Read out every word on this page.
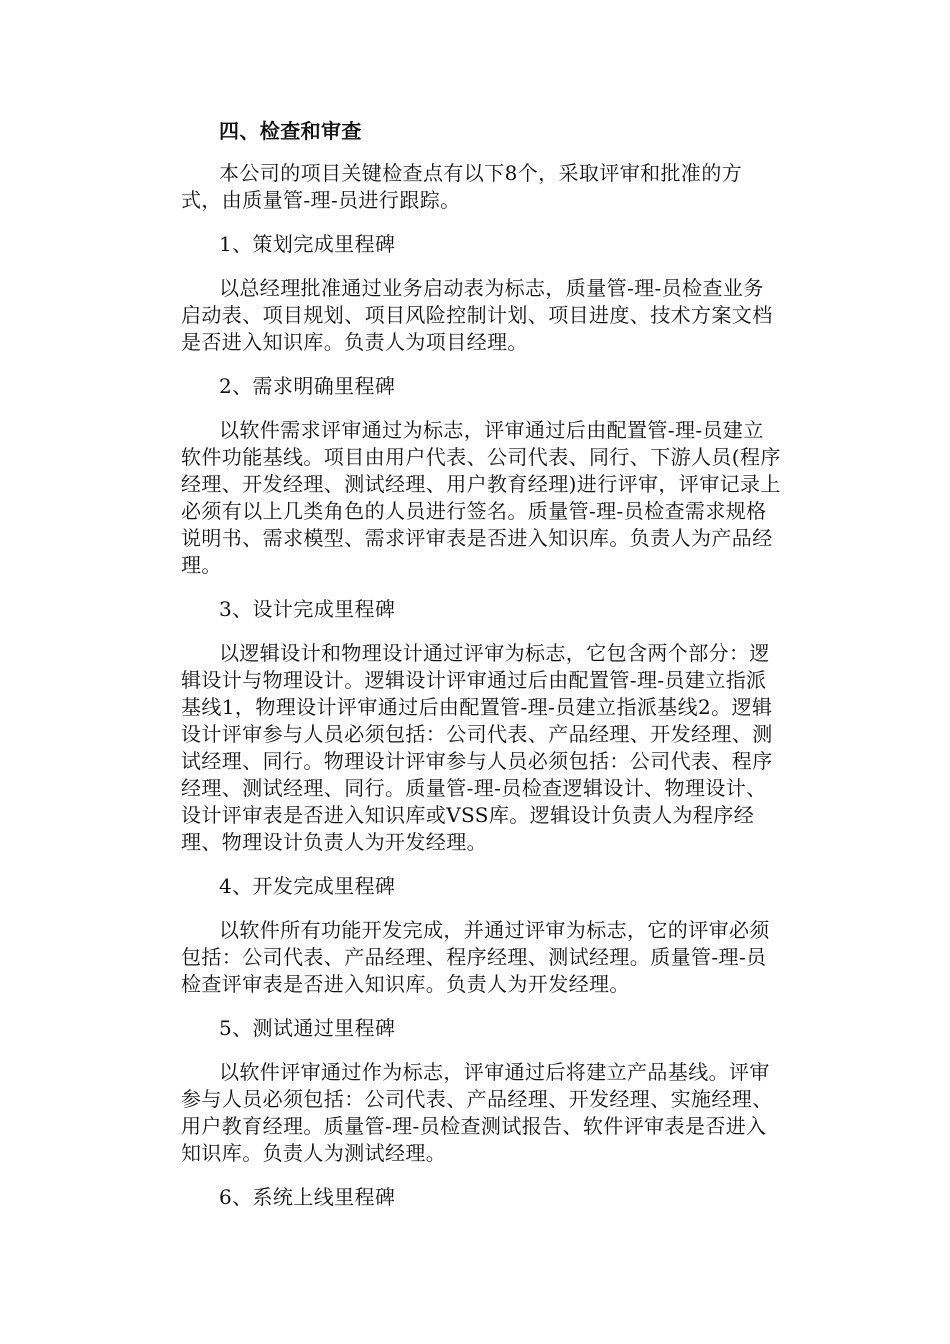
四、检查和审查

本公司的项目关键检查点有以下8个，采取评审和批准的方式，由质量管-理-员进行跟踪。

1、策划完成里程碑

以总经理批准通过业务启动表为标志，质量管-理-员检查业务启动表、项目规划、项目风险控制计划、项目进度、技术方案文档是否进入知识库。负责人为项目经理。

2、需求明确里程碑

以软件需求评审通过为标志，评审通过后由配置管-理-员建立软件功能基线。项目由用户代表、公司代表、同行、下游人员(程序经理、开发经理、测试经理、用户教育经理)进行评审，评审记录上必须有以上几类角色的人员进行签名。质量管-理-员检查需求规格说明书、需求模型、需求评审表是否进入知识库。负责人为产品经理。

3、设计完成里程碑

以逻辑设计和物理设计通过评审为标志，它包含两个部分：逻辑设计与物理设计。逻辑设计评审通过后由配置管-理-员建立指派基线1，物理设计评审通过后由配置管-理-员建立指派基线2。逻辑设计评审参与人员必须包括：公司代表、产品经理、开发经理、测试经理、同行。物理设计评审参与人员必须包括：公司代表、程序经理、测试经理、同行。质量管-理-员检查逻辑设计、物理设计、设计评审表是否进入知识库或VSS库。逻辑设计负责人为程序经理、物理设计负责人为开发经理。

4、开发完成里程碑

以软件所有功能开发完成，并通过评审为标志，它的评审必须包括：公司代表、产品经理、程序经理、测试经理。质量管-理-员检查评审表是否进入知识库。负责人为开发经理。

5、测试通过里程碑

以软件评审通过作为标志，评审通过后将建立产品基线。评审参与人员必须包括：公司代表、产品经理、开发经理、实施经理、用户教育经理。质量管-理-员检查测试报告、软件评审表是否进入知识库。负责人为测试经理。

6、系统上线里程碑
